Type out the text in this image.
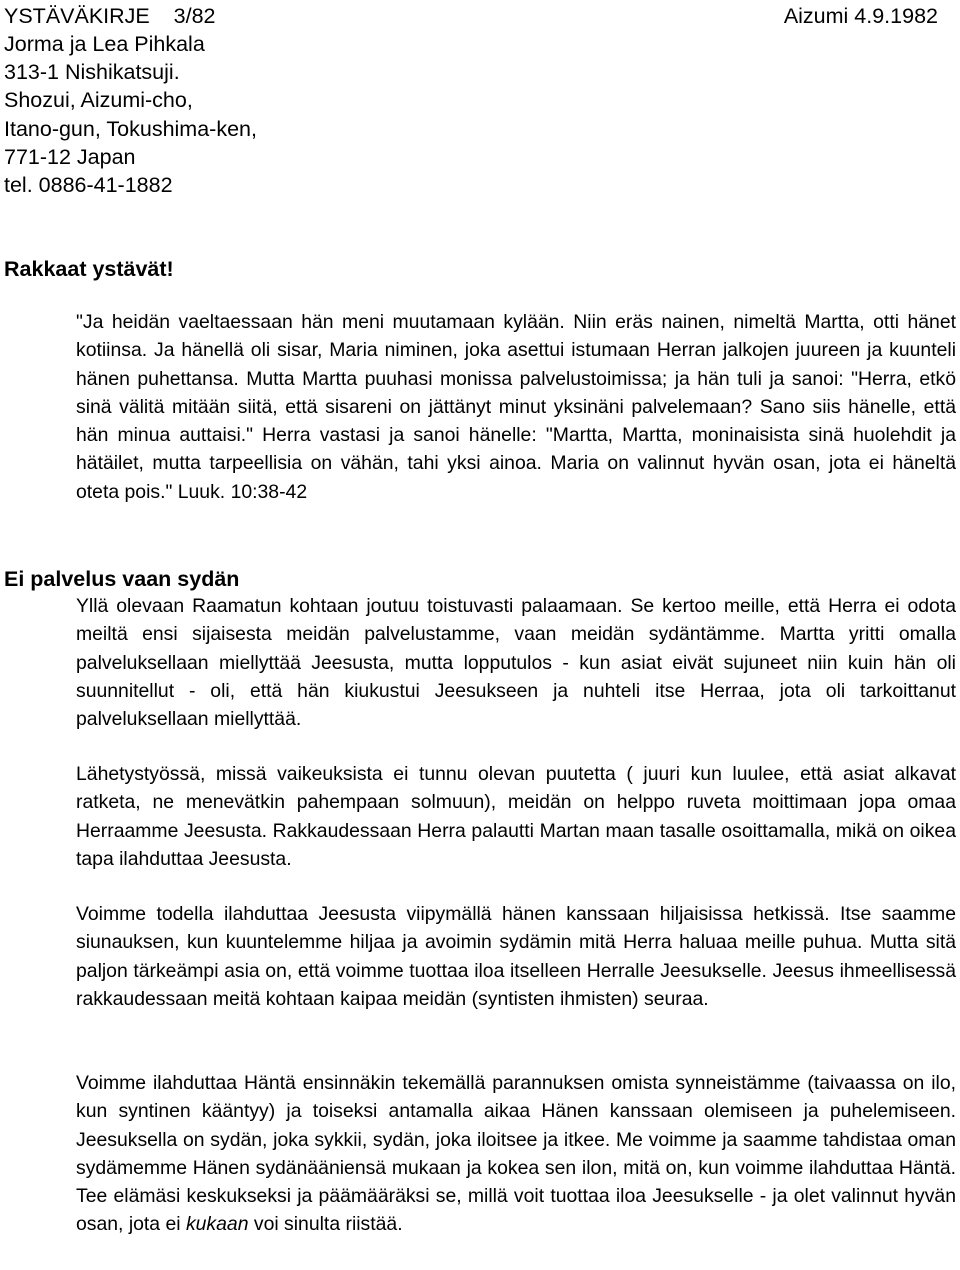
YSTÄVÄKIRJE 3/82	Aizumi 4.9.1982
Jorma ja Lea Pihkala
313-1 Nishikatsuji.
Shozui, Aizumi-cho,
Itano-gun, Tokushima-ken,
771-12 Japan
tel. 0886-41-1882
Rakkaat ystävät!

"Ja heidän vaeltaessaan hän meni muutamaan kylään. Niin eräs nainen, nimeltä Martta, otti hänet kotiinsa. Ja hänellä oli sisar, Maria niminen, joka asettui istumaan Herran jalkojen juureen ja kuunteli hänen puhettansa. Mutta Martta puuhasi monissa palvelustoimissa; ja hän tuli ja sanoi: "Herra, etkö sinä välitä mitään siitä, että sisareni on jättänyt minut yksinäni palvelemaan? Sano siis hänelle, että hän minua auttaisi." Herra vastasi ja sanoi hänelle: "Martta, Martta, moninaisista sinä huolehdit ja hätäilet, mutta tarpeellisia on vähän, tahi yksi ainoa. Maria on valinnut hyvän osan, jota ei häneltä oteta pois." Luuk. 10:38-42

Ei palvelus vaan sydän

Yllä olevaan Raamatun kohtaan joutuu toistuvasti palaamaan. Se kertoo meille, että Herra ei odota meiltä ensi sijaisesta meidän palvelustamme, vaan meidän sydäntämme. Martta yritti omalla palveluksellaan miellyttää Jeesusta, mutta lopputulos - kun asiat eivät sujuneet niin kuin hän oli suunnitellut - oli, että hän kiukustui Jeesukseen ja nuhteli itse Herraa, jota oli tarkoittanut palveluksellaan miellyttää.

Lähetystyössä, missä vaikeuksista ei tunnu olevan puutetta ( juuri kun luulee, että asiat alkavat ratketa, ne menevätkin pahempaan solmuun), meidän on helppo ruveta moittimaan jopa omaa Herraamme Jeesusta. Rakkaudessaan Herra palautti Martan maan tasalle osoittamalla, mikä on oikea tapa ilahduttaa Jeesusta.

Voimme todella ilahduttaa Jeesusta viipymällä hänen kanssaan hiljaisissa hetkissä. Itse saamme siunauksen, kun kuuntelemme hiljaa ja avoimin sydämin mitä Herra haluaa meille puhua. Mutta sitä paljon tärkeämpi asia on, että voimme tuottaa iloa itselleen Herralle Jeesukselle. Jeesus ihmeellisessä rakkaudessaan meitä kohtaan kaipaa meidän (syntisten ihmisten) seuraa.

Voimme ilahduttaa Häntä ensinnäkin tekemällä parannuksen omista synneistämme (taivaassa on ilo, kun syntinen kääntyy) ja toiseksi antamalla aikaa Hänen kanssaan olemiseen ja puhelemiseen. Jeesuksella on sydän, joka sykkii, sydän, joka iloitsee ja itkee. Me voimme ja saamme tahdistaa oman sydämemme Hänen sydänääniensä mukaan ja kokea sen ilon, mitä on, kun voimme ilahduttaa Häntä. Tee elämäsi keskukseksi ja päämääräksi se, millä voit tuottaa iloa Jeesukselle - ja olet valinnut hyvän osan, jota ei kukaan voi sinulta riistää.
